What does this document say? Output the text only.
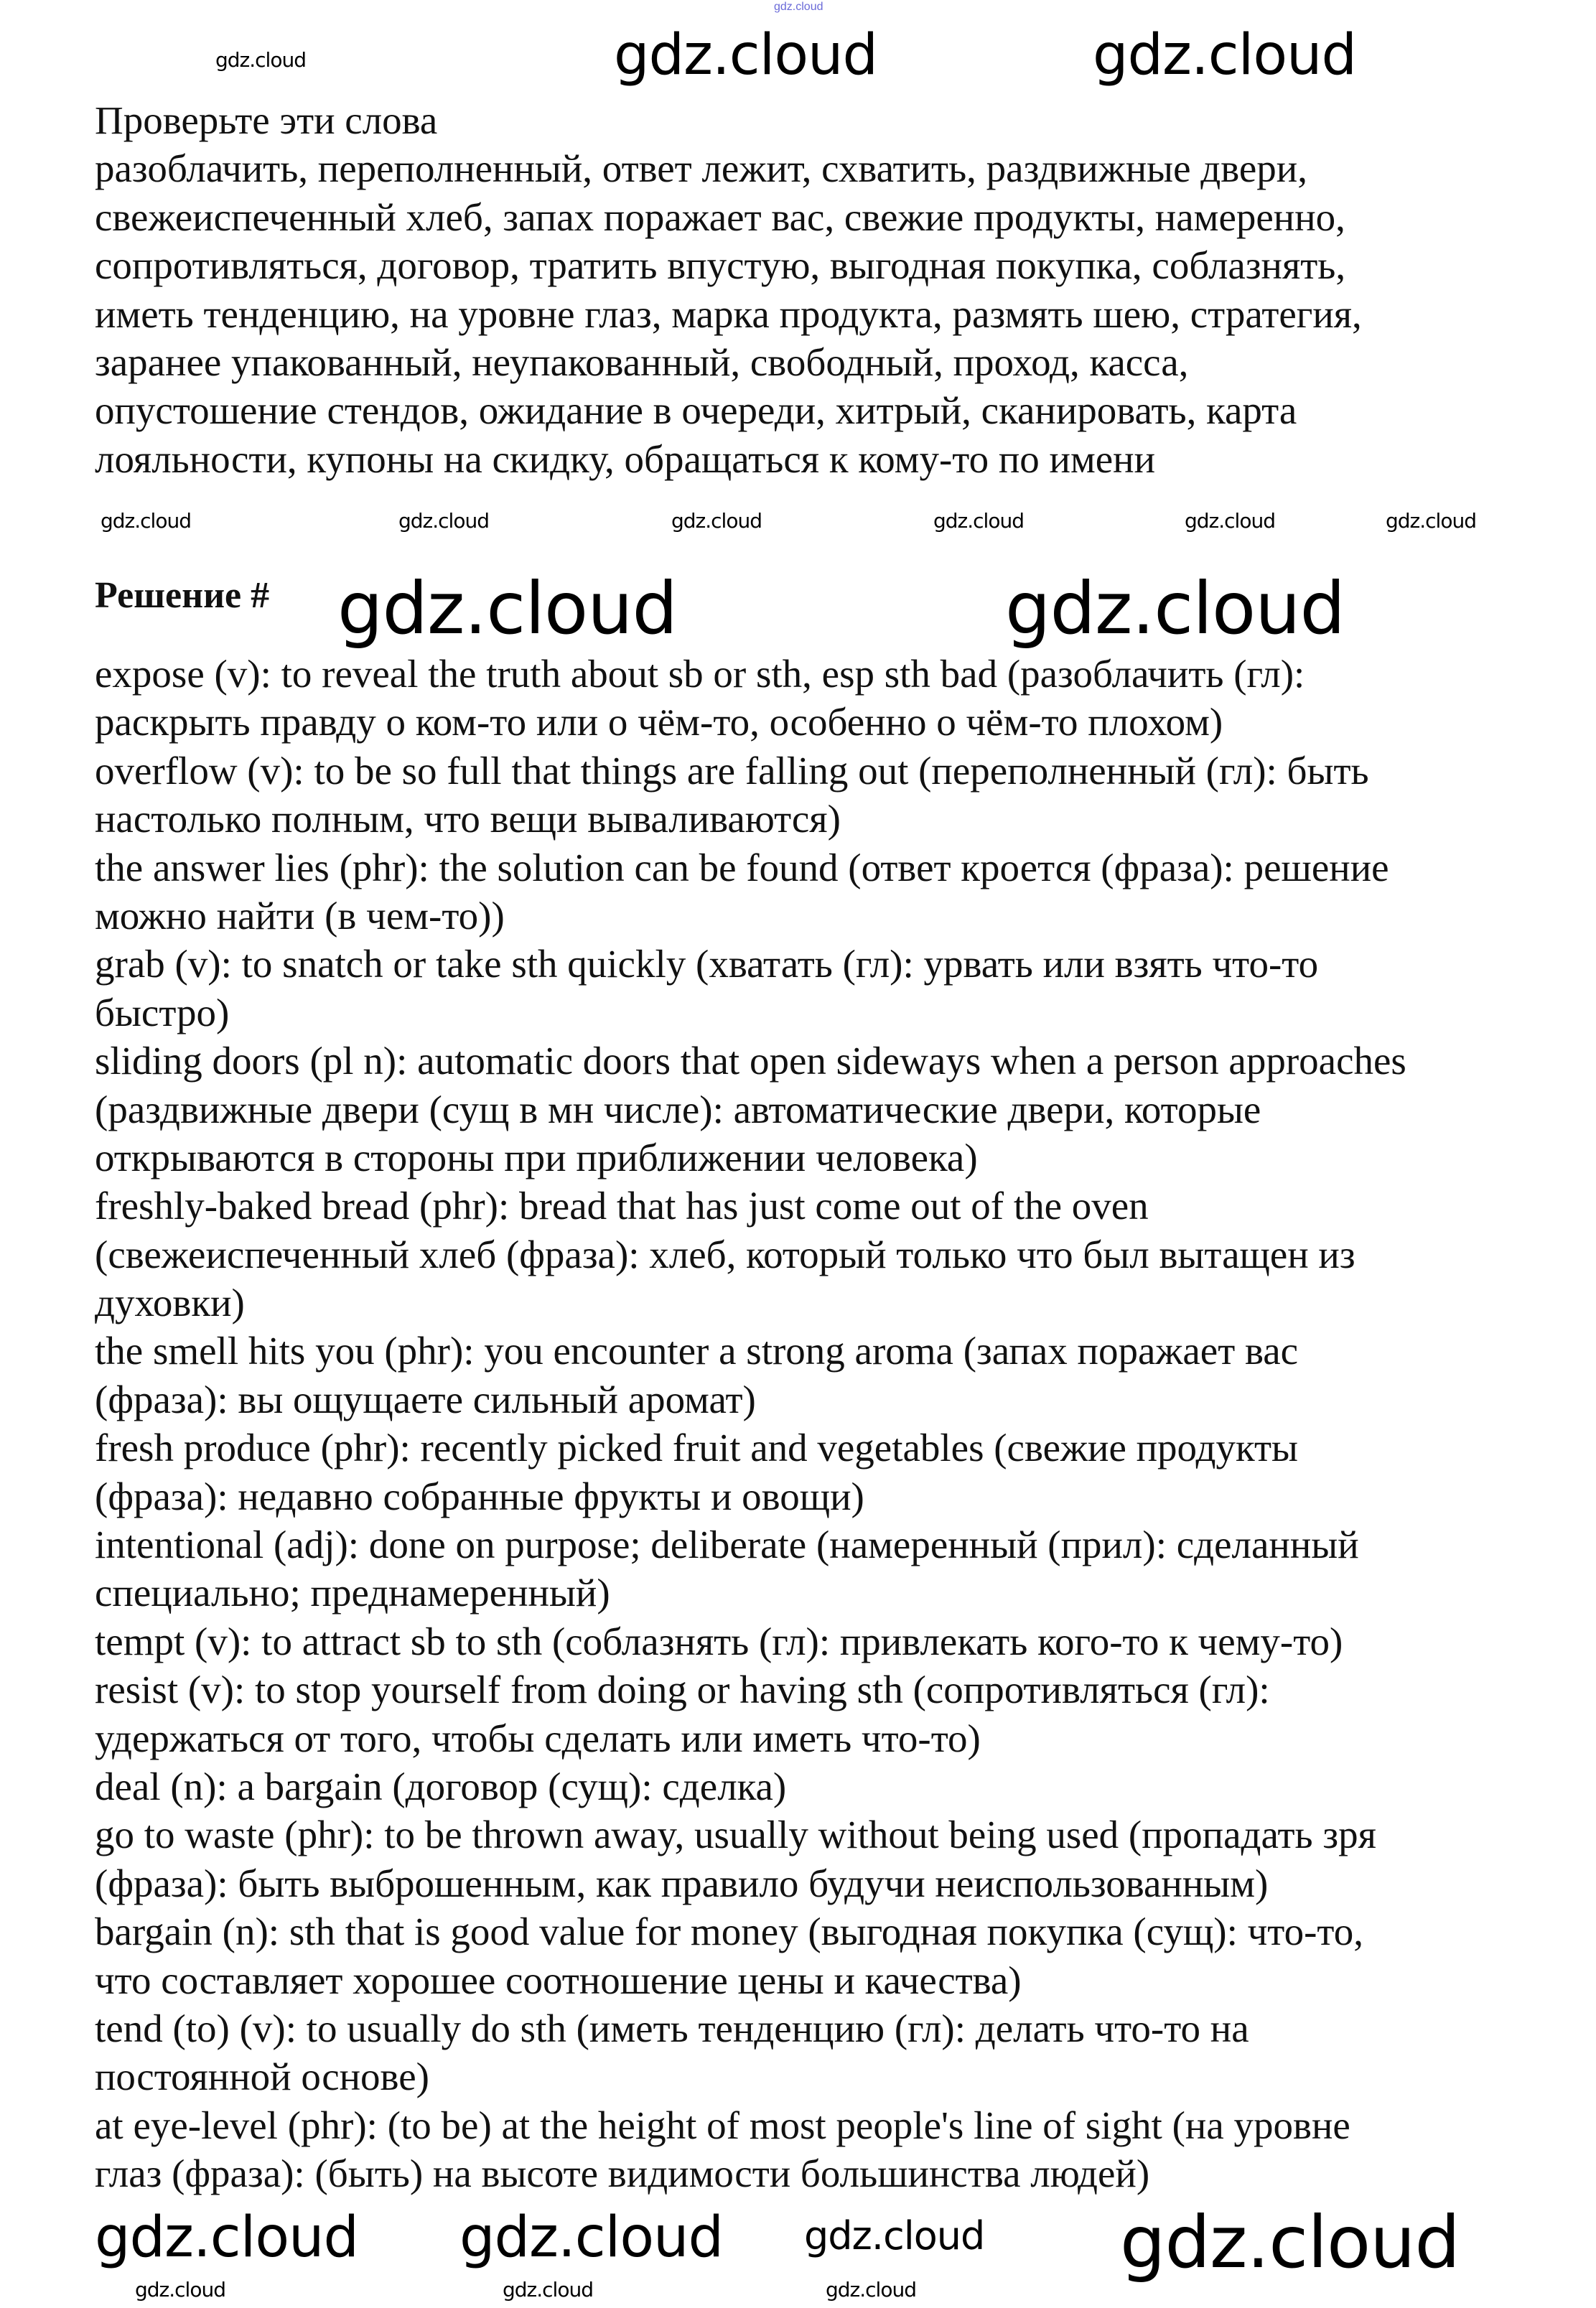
gdz.cloud
Проверьте эти слова
разоблачить, переполненный, ответ лежит, схватить, раздвижные двери,
свежеиспеченный хлеб, запах поражает вас, свежие продукты, намеренно,
сопротивляться, договор, тратить впустую, выгодная покупка, соблазнять,
иметь тенденцию, на уровне глаз, марка продукта, размять шею, стратегия,
заранее упакованный, неупакованный, свободный, проход, касса,
опустошение стендов, ожидание в очереди, хитрый, сканировать, карта
лояльности, купоны на скидку, обращаться к кому-то по имени
Решение #
expose (v): to reveal the truth about sb or sth, esp sth bad (разоблачить (гл):
раскрыть правду о ком-то или о чём-то, особенно о чём-то плохом)
overflow (v): to be so full that things are falling out (переполненный (гл): быть
настолько полным, что вещи вываливаются)
the answer lies (phr): the solution can be found (ответ кроется (фраза): решение
можно найти (в чем-то))
grab (v): to snatch or take sth quickly (хватать (гл): урвать или взять что-то
быстро)
sliding doors (pl n): automatic doors that open sideways when a person approaches
(раздвижные двери (сущ в мн числе): автоматические двери, которые
открываются в стороны при приближении человека)
freshly-baked bread (phr): bread that has just come out of the oven
(свежеиспеченный хлеб (фраза): хлеб, который только что был вытащен из
духовки)
the smell hits you (phr): you encounter a strong aroma (запах поражает вас
(фраза): вы ощущаете сильный аромат)
fresh produce (phr): recently picked fruit and vegetables (свежие продукты
(фраза): недавно собранные фрукты и овощи)
intentional (adj): done on purpose; deliberate (намеренный (прил): сделанный
специально; преднамеренный)
tempt (v): to attract sb to sth (соблазнять (гл): привлекать кого-то к чему-то)
resist (v): to stop yourself from doing or having sth (сопротивляться (гл):
удержаться от того, чтобы сделать или иметь что-то)
deal (n): a bargain (договор (сущ): сделка)
go to waste (phr): to be thrown away, usually without being used (пропадать зря
(фраза): быть выброшенным, как правило будучи неиспользованным)
bargain (n): sth that is good value for money (выгодная покупка (сущ): что-то,
что составляет хорошее соотношение цены и качества)
tend (to) (v): to usually do sth (иметь тенденцию (гл): делать что-то на
постоянной основе)
at eye-level (phr): (to be) at the height of most people's line of sight (на уровне
глаз (фраза): (быть) на высоте видимости большинства людей)
gdz.cloud	gdz.cloud
gdz.cloud
gdz.cloud	gdz.cloud	gdz.cloud	gdz.cloud	gdz.cloud	gdz.cloud
gdz.cloud	gdz.cloud
gdz.cloud gdz.cloud gdz.cloud gdz.cloud
gdz.cloud	gdz.cloud	gdz.cloud
